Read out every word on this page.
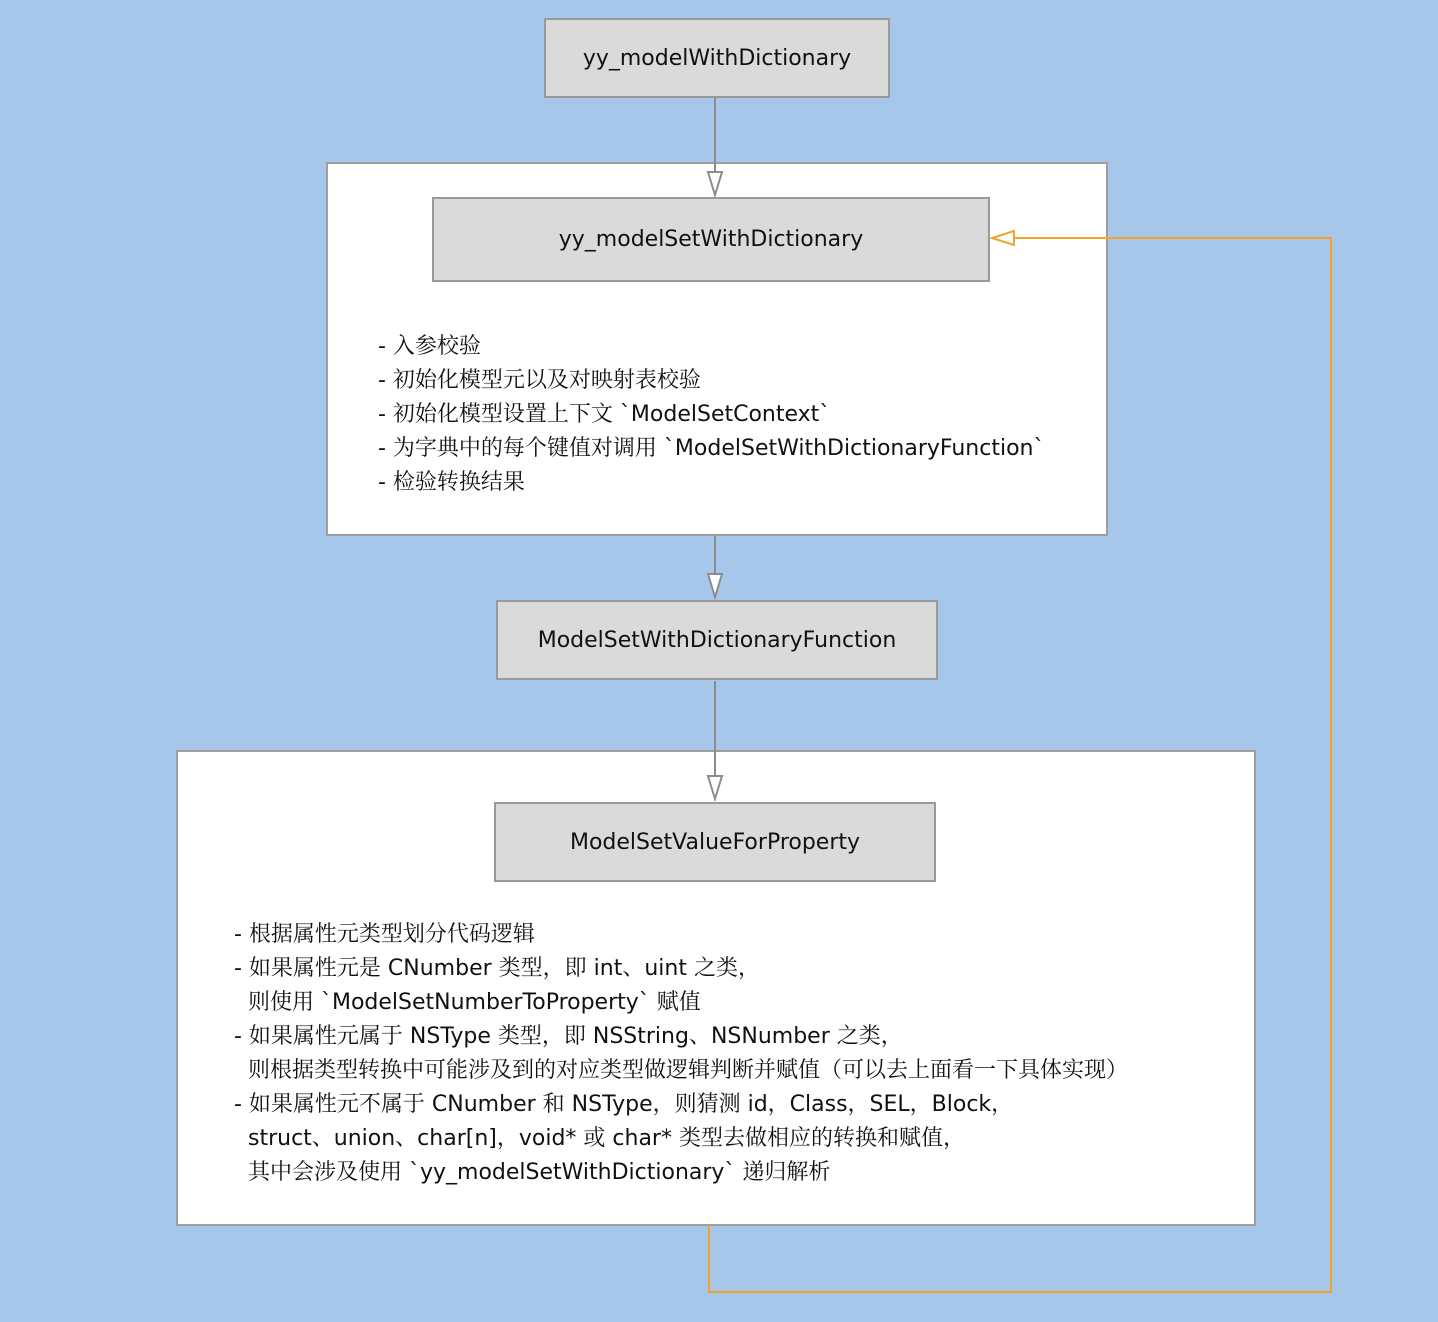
yy_modelWithDictionary
yy_modelSetWithDictionary
ModelSetWithDictionaryFunction
ModelSetValueForProperty
- 入参校验
- 初始化模型元以及对映射表校验
- 初始化模型设置上下文 `ModelSetContext`
- 为字典中的每个键值对调用 `ModelSetWithDictionaryFunction`
- 检验转换结果
- 根据属性元类型划分代码逻辑
- 如果属性元是 CNumber 类型，即 int、uint 之类，
则使用 `ModelSetNumberToProperty` 赋值
- 如果属性元属于 NSType 类型，即 NSString、NSNumber 之类，
则根据类型转换中可能涉及到的对应类型做逻辑判断并赋值（可以去上面看一下具体实现）
- 如果属性元不属于 CNumber 和 NSType，则猜测 id，Class，SEL，Block，
struct、union、char[n]，void* 或 char* 类型去做相应的转换和赋值，
其中会涉及使用 `yy_modelSetWithDictionary` 递归解析
